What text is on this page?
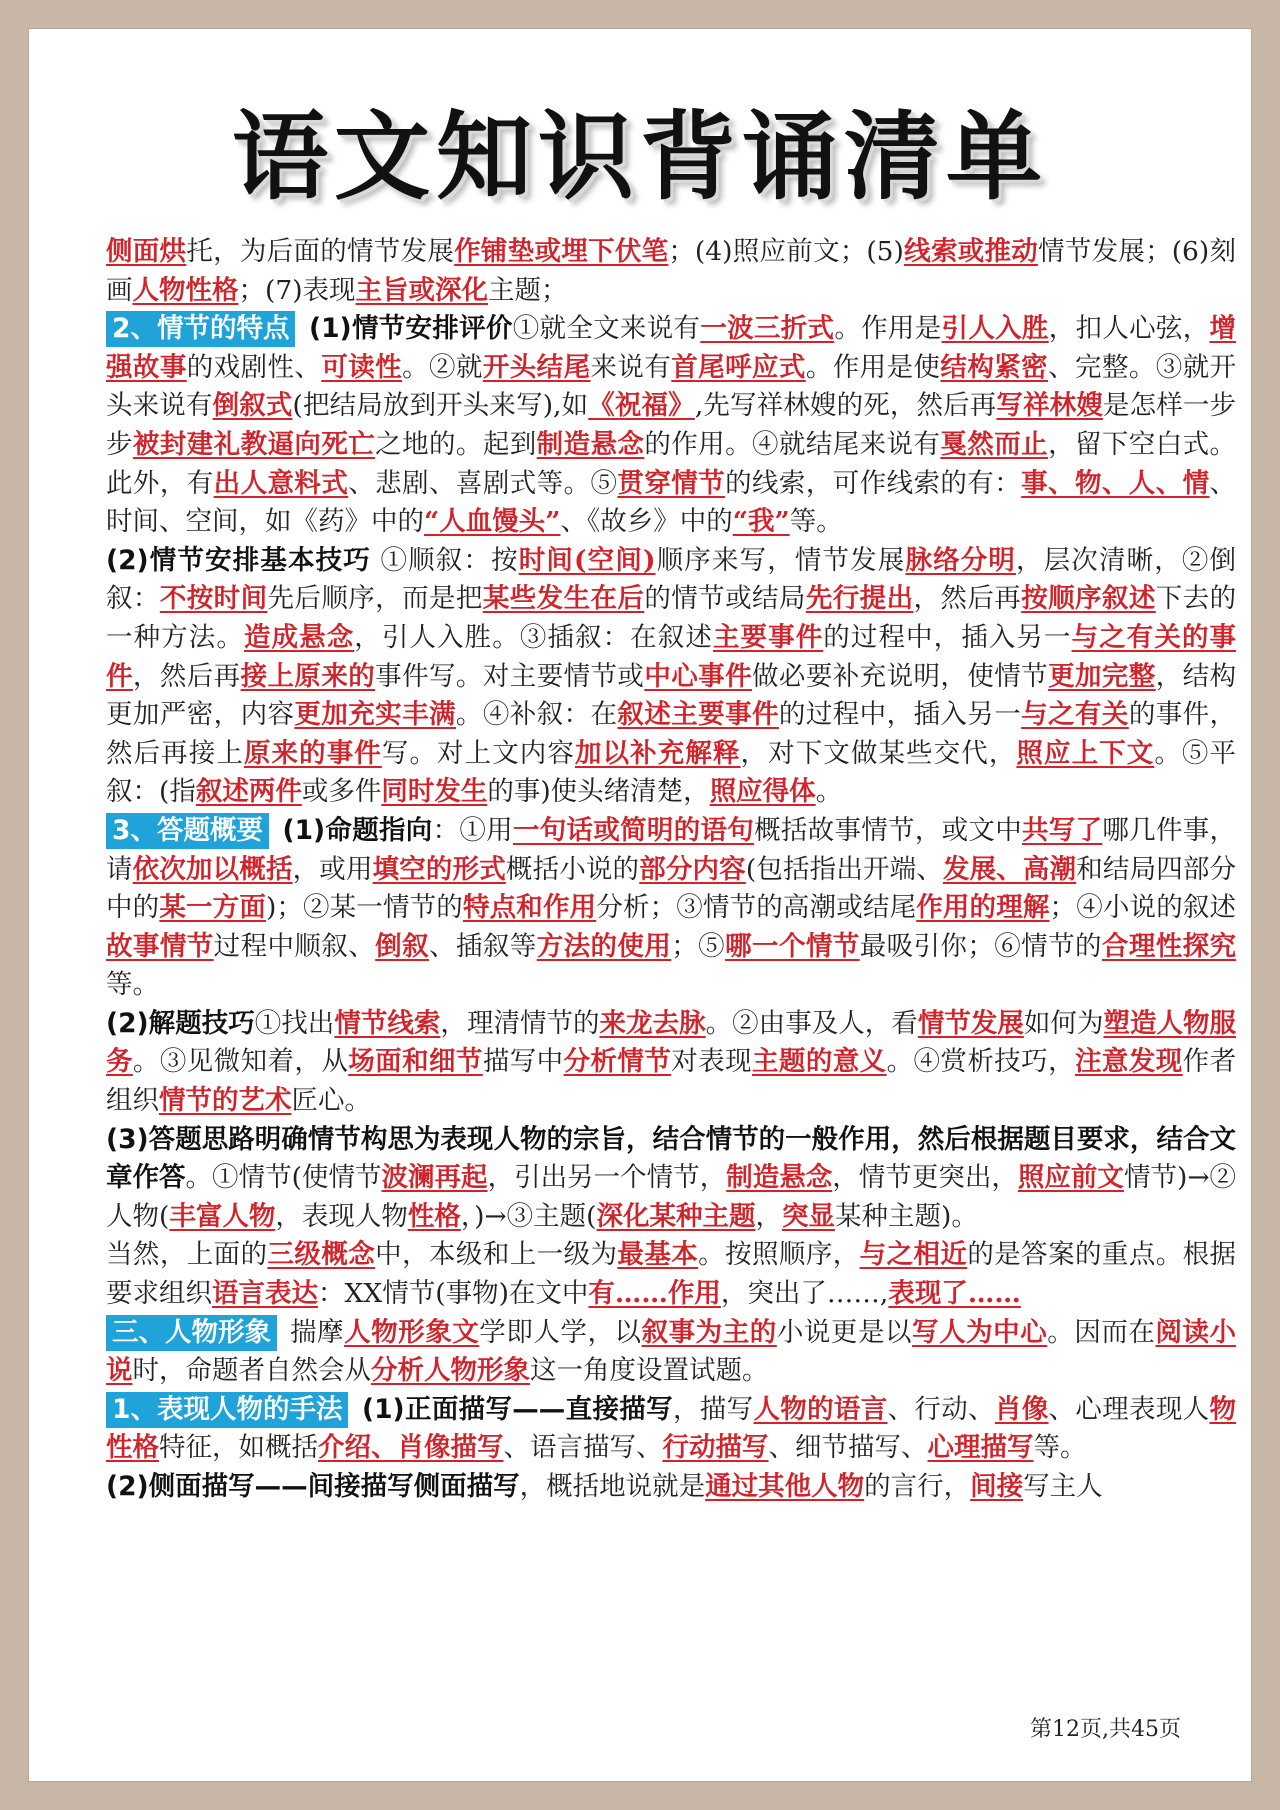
语文知识背诵清单

侧面烘托，为后面的情节发展作铺垫或埋下伏笔；(4)照应前文；(5)线索或推动情节发展；(6)刻画人物性格；(7)表现主旨或深化主题；

2、情节的特点 (1)情节安排评价①就全文来说有一波三折式。作用是引人入胜，扣人心弦，增强故事的戏剧性、可读性。②就开头结尾来说有首尾呼应式。作用是使结构紧密、完整。③就开头来说有倒叙式(把结局放到开头来写),如《祝福》,先写祥林嫂的死，然后再写祥林嫂是怎样一步步被封建礼教逼向死亡之地的。起到制造悬念的作用。④就结尾来说有戛然而止，留下空白式。此外，有出人意料式、悲剧、喜剧式等。⑤贯穿情节的线索，可作线索的有：事、物、人、情、时间、空间，如《药》中的“人血馒头”、《故乡》中的“我”等。

(2)情节安排基本技巧 ①顺叙：按时间(空间)顺序来写，情节发展脉络分明，层次清晰，②倒叙：不按时间先后顺序，而是把某些发生在后的情节或结局先行提出，然后再按顺序叙述下去的一种方法。造成悬念，引人入胜。③插叙：在叙述主要事件的过程中，插入另一与之有关的事件，然后再接上原来的事件写。对主要情节或中心事件做必要补充说明，使情节更加完整，结构更加严密，内容更加充实丰满。④补叙：在叙述主要事件的过程中，插入另一与之有关的事件，然后再接上原来的事件写。对上文内容加以补充解释，对下文做某些交代，照应上下文。⑤平叙：(指叙述两件或多件同时发生的事)使头绪清楚，照应得体。

3、答题概要 (1)命题指向：①用一句话或简明的语句概括故事情节，或文中共写了哪几件事，请依次加以概括，或用填空的形式概括小说的部分内容(包括指出开端、发展、高潮和结局四部分中的某一方面)；②某一情节的特点和作用分析；③情节的高潮或结尾作用的理解；④小说的叙述故事情节过程中顺叙、倒叙、插叙等方法的使用；⑤哪一个情节最吸引你；⑥情节的合理性探究等。

(2)解题技巧①找出情节线索，理清情节的来龙去脉。②由事及人，看情节发展如何为塑造人物服务。③见微知着，从场面和细节描写中分析情节对表现主题的意义。④赏析技巧，注意发现作者组织情节的艺术匠心。

(3)答题思路明确情节构思为表现人物的宗旨，结合情节的一般作用，然后根据题目要求，结合文章作答。①情节(使情节波澜再起，引出另一个情节，制造悬念，情节更突出，照应前文情节)→②人物(丰富人物，表现人物性格，)→③主题(深化某种主题，突显某种主题)。

当然，上面的三级概念中，本级和上一级为最基本。按照顺序，与之相近的是答案的重点。根据要求组织语言表达：XX情节(事物)在文中有……作用，突出了……,表现了……

三、人物形象 揣摩人物形象文学即人学，以叙事为主的小说更是以写人为中心。因而在阅读小说时，命题者自然会从分析人物形象这一角度设置试题。

1、表现人物的手法 (1)正面描写——直接描写，描写人物的语言、行动、肖像、心理表现人物性格特征，如概括介绍、肖像描写、语言描写、行动描写、细节描写、心理描写等。

(2)侧面描写——间接描写侧面描写，概括地说就是通过其他人物的言行，间接写主人

第12页,共45页
